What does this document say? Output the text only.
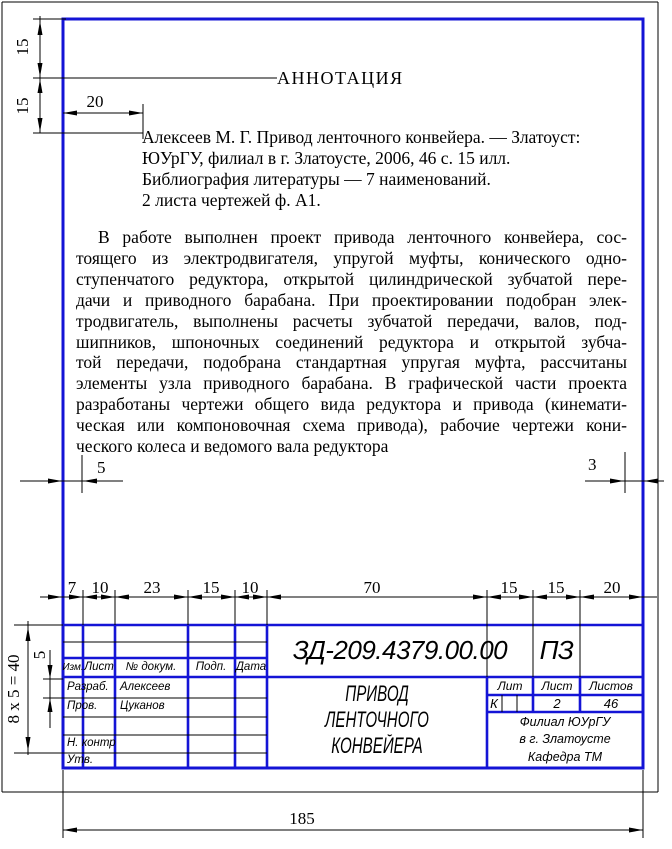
АННОТАЦИЯ
Алексеев М. Г. Привод ленточного конвейера. — Златоуст:
ЮУрГУ, филиал в г. Златоусте, 2006, 46 с. 15 илл.
Библиография литературы — 7 наименований.
2 листа чертежей ф. А1.
В работе выполнен проект привода ленточного конвейера, сос-
тоящего из электродвигателя, упругой муфты, конического одно-
ступенчатого редуктора, открытой цилиндрической зубчатой пере-
дачи и приводного барабана. При проектировании подобран элек-
тродвигатель, выполнены расчеты зубчатой передачи, валов, под-
шипников, шпоночных соединений редуктора и открытой зубча-
той передачи, подобрана стандартная упругая муфта, рассчитаны
элементы узла приводного барабана. В графической части проекта
разработаны чертежи общего вида редуктора и привода (кинемати-
ческая или компоновочная схема привода), рабочие чертежи кони-
ческого колеса и ведомого вала редуктора
15
15	20
5	3
7 10 23 15 10	70	15 15 20
8 x 5 = 40 5
185
Изм. Лист № докум. Подп. Дата
Разраб. Алексеев
Пров. Цуканов
Н. контр
Утв.
ЗД-209.4379.00.00	ПЗ
ПРИВОД
ЛЕНТОЧНОГО
КОНВЕЙЕРА
Лит Лист Листов
К	2	46
Филиал ЮУрГУ
в г. Златоусте
Кафедра ТМ
